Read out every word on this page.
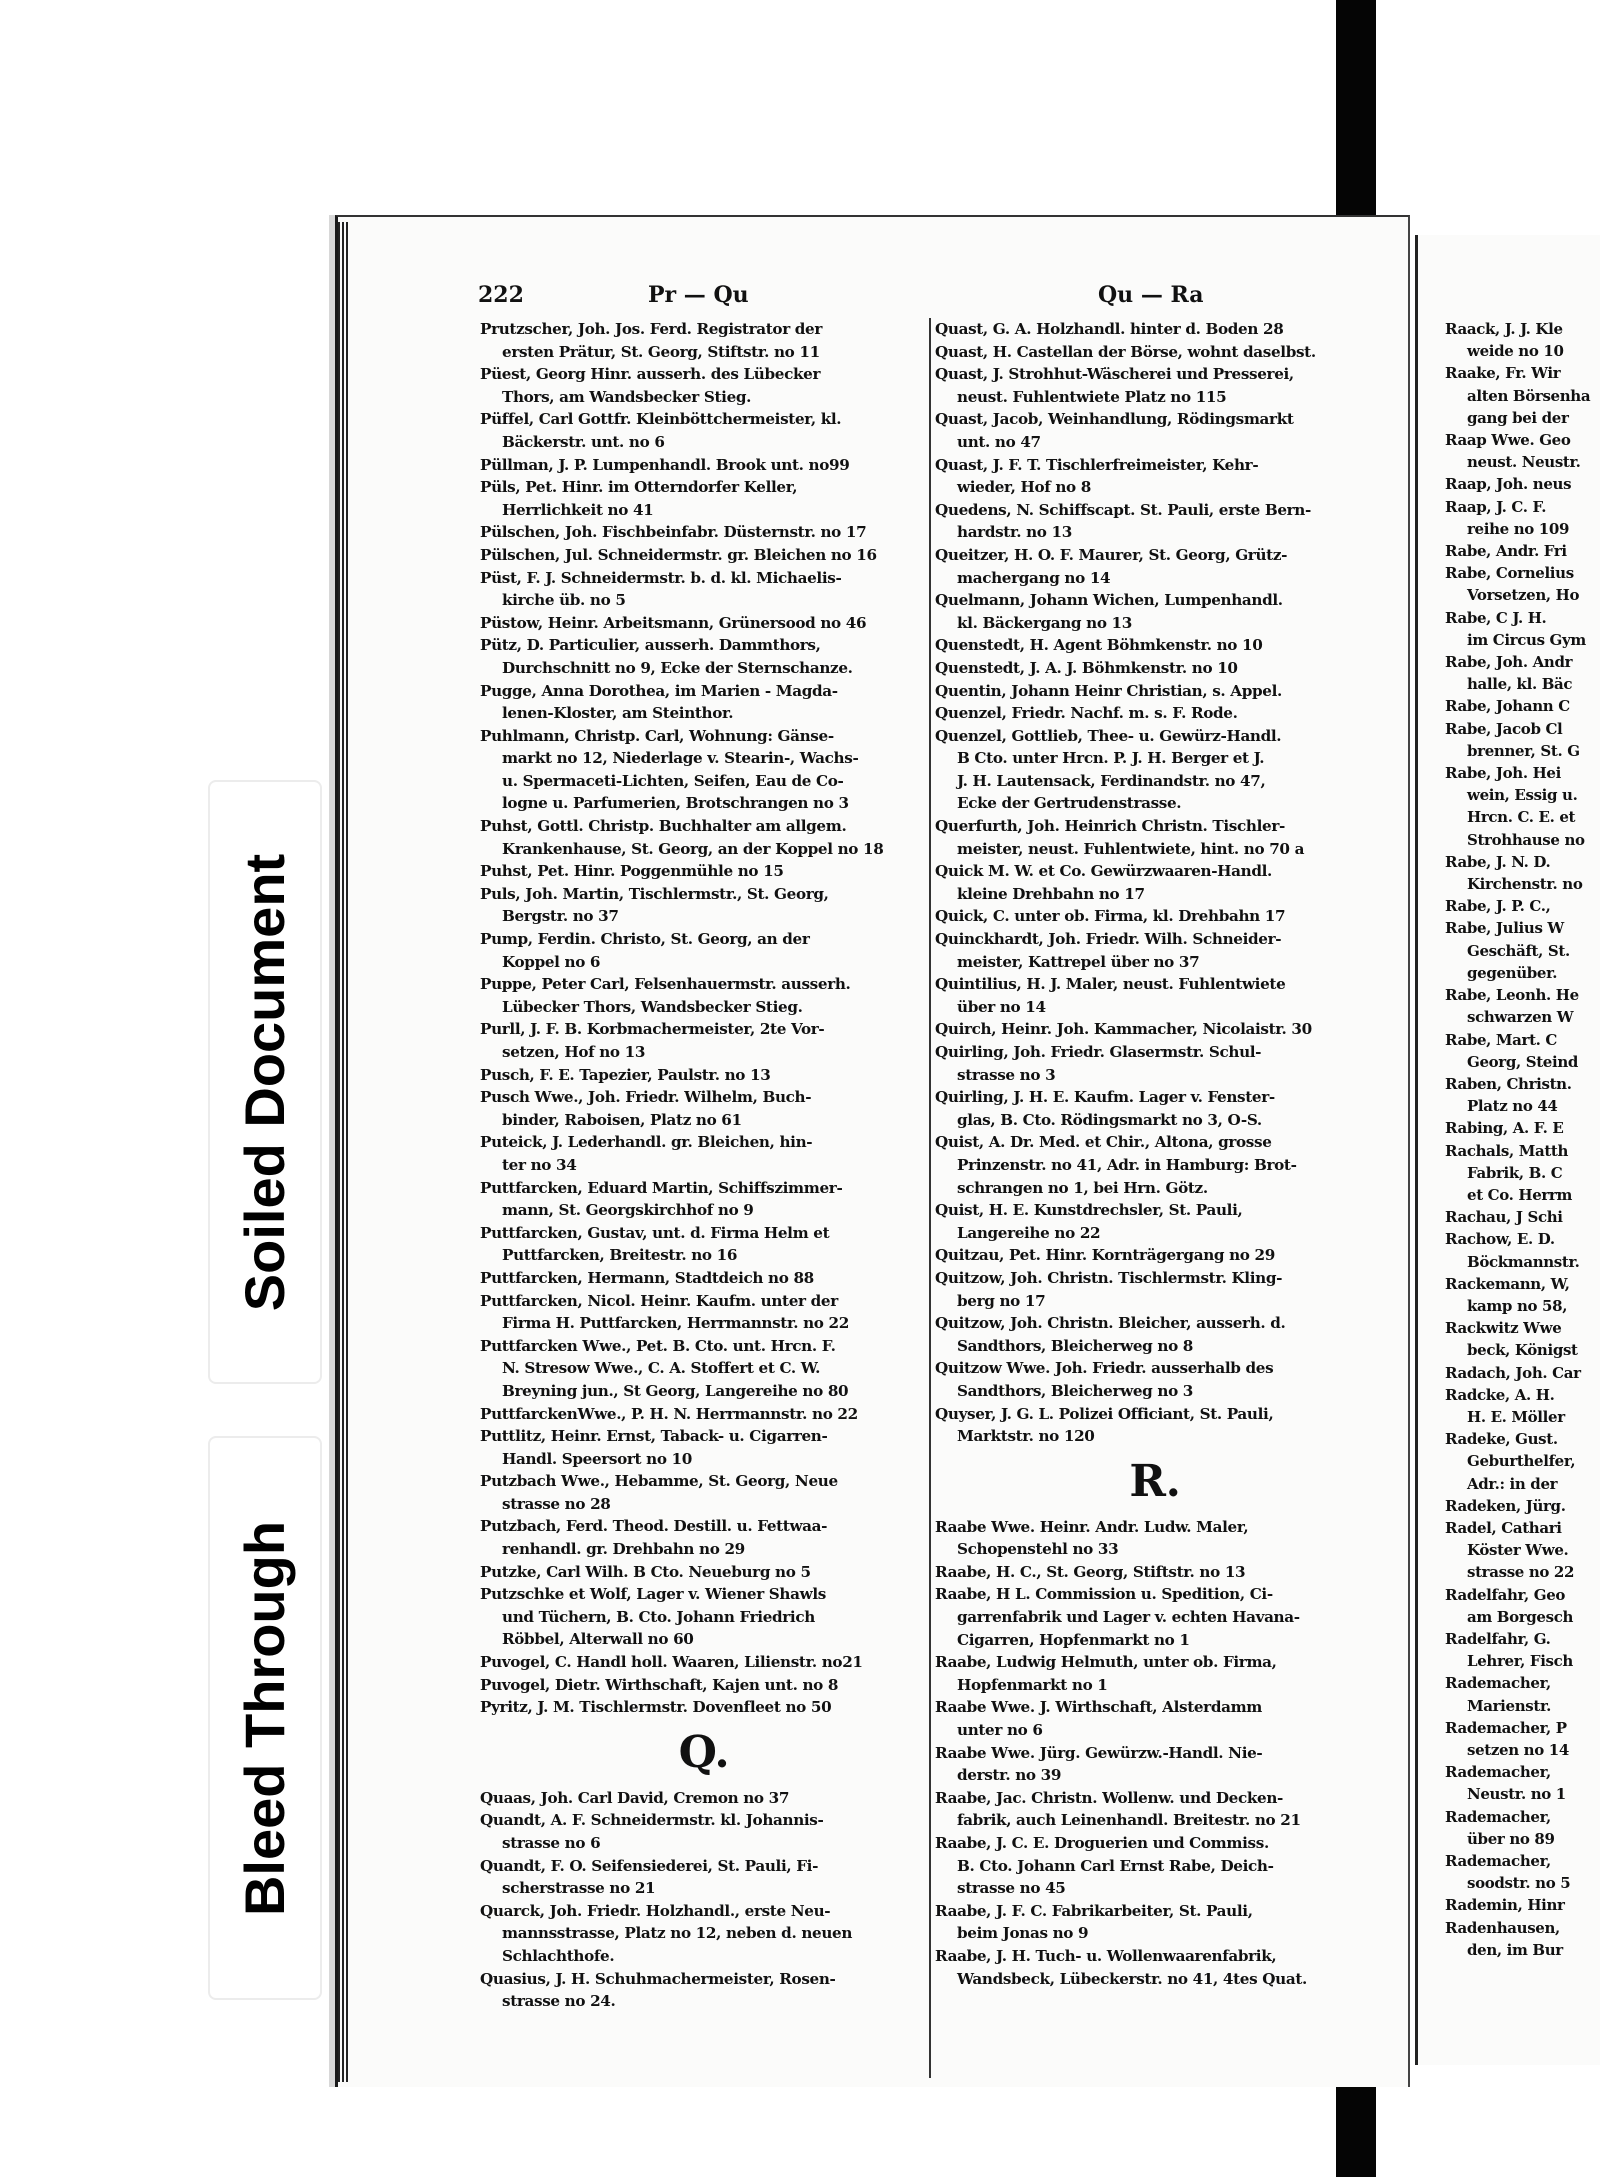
222	Pr — Qu	Qu — Ra
Prutzscher, Joh. Jos. Ferd. Registrator der
ersten Prätur, St. Georg, Stiftstr. no 11
Püest, Georg Hinr. ausserh. des Lübecker
Thors, am Wandsbecker Stieg.
Püffel, Carl Gottfr. Kleinböttchermeister, kl.
Bäckerstr. unt. no 6
Püllman, J. P. Lumpenhandl. Brook unt. no99
Püls, Pet. Hinr. im Otterndorfer Keller,
Herrlichkeit no 41
Pülschen, Joh. Fischbeinfabr. Düsternstr. no 17
Pülschen, Jul. Schneidermstr. gr. Bleichen no 16
Püst, F. J. Schneidermstr. b. d. kl. Michaelis-
kirche üb. no 5
Püstow, Heinr. Arbeitsmann, Grünersood no 46
Pütz, D. Particulier, ausserh. Dammthors,
Durchschnitt no 9, Ecke der Sternschanze.
Pugge, Anna Dorothea, im Marien - Magda-
lenen-Kloster, am Steinthor.
Puhlmann, Christp. Carl, Wohnung: Gänse-
markt no 12, Niederlage v. Stearin-, Wachs-
u. Spermaceti-Lichten, Seifen, Eau de Co-
logne u. Parfumerien, Brotschrangen no 3
Puhst, Gottl. Christp. Buchhalter am allgem.
Krankenhause, St. Georg, an der Koppel no 18
Puhst, Pet. Hinr. Poggenmühle no 15
Puls, Joh. Martin, Tischlermstr., St. Georg,
Bergstr. no 37
Pump, Ferdin. Christo, St. Georg, an der
Koppel no 6
Puppe, Peter Carl, Felsenhauermstr. ausserh.
Lübecker Thors, Wandsbecker Stieg.
Purll, J. F. B. Korbmachermeister, 2te Vor-
setzen, Hof no 13
Pusch, F. E. Tapezier, Paulstr. no 13
Pusch Wwe., Joh. Friedr. Wilhelm, Buch-
binder, Raboisen, Platz no 61
Puteick, J. Lederhandl. gr. Bleichen, hin-
ter no 34
Puttfarcken, Eduard Martin, Schiffszimmer-
mann, St. Georgskirchhof no 9
Puttfarcken, Gustav, unt. d. Firma Helm et
Puttfarcken, Breitestr. no 16
Puttfarcken, Hermann, Stadtdeich no 88
Puttfarcken, Nicol. Heinr. Kaufm. unter der
Firma H. Puttfarcken, Herrmannstr. no 22
Puttfarcken Wwe., Pet. B. Cto. unt. Hrcn. F.
N. Stresow Wwe., C. A. Stoffert et C. W.
Breyning jun., St Georg, Langereihe no 80
PuttfarckenWwe., P. H. N. Herrmannstr. no 22
Puttlitz, Heinr. Ernst, Taback- u. Cigarren-
Handl. Speersort no 10
Putzbach Wwe., Hebamme, St. Georg, Neue
strasse no 28
Putzbach, Ferd. Theod. Destill. u. Fettwaa-
renhandl. gr. Drehbahn no 29
Putzke, Carl Wilh. B Cto. Neueburg no 5
Putzschke et Wolf, Lager v. Wiener Shawls
und Tüchern, B. Cto. Johann Friedrich
Röbbel, Alterwall no 60
Puvogel, C. Handl holl. Waaren, Lilienstr. no21
Puvogel, Dietr. Wirthschaft, Kajen unt. no 8
Pyritz, J. M. Tischlermstr. Dovenfleet no 50
Q.
Quaas, Joh. Carl David, Cremon no 37
Quandt, A. F. Schneidermstr. kl. Johannis-
strasse no 6
Quandt, F. O. Seifensiederei, St. Pauli, Fi-
scherstrasse no 21
Quarck, Joh. Friedr. Holzhandl., erste Neu-
mannsstrasse, Platz no 12, neben d. neuen
Schlachthofe.
Quasius, J. H. Schuhmachermeister, Rosen-
strasse no 24.
Quast, G. A. Holzhandl. hinter d. Boden 28
Quast, H. Castellan der Börse, wohnt daselbst.
Quast, J. Strohhut-Wäscherei und Presserei,
neust. Fuhlentwiete Platz no 115
Quast, Jacob, Weinhandlung, Rödingsmarkt
unt. no 47
Quast, J. F. T. Tischlerfreimeister, Kehr-
wieder, Hof no 8
Quedens, N. Schiffscapt. St. Pauli, erste Bern-
hardstr. no 13
Queitzer, H. O. F. Maurer, St. Georg, Grütz-
machergang no 14
Quelmann, Johann Wichen, Lumpenhandl.
kl. Bäckergang no 13
Quenstedt, H. Agent Böhmkenstr. no 10
Quenstedt, J. A. J. Böhmkenstr. no 10
Quentin, Johann Heinr Christian, s. Appel.
Quenzel, Friedr. Nachf. m. s. F. Rode.
Quenzel, Gottlieb, Thee- u. Gewürz-Handl.
B Cto. unter Hrcn. P. J. H. Berger et J.
J. H. Lautensack, Ferdinandstr. no 47,
Ecke der Gertrudenstrasse.
Querfurth, Joh. Heinrich Christn. Tischler-
meister, neust. Fuhlentwiete, hint. no 70 a
Quick M. W. et Co. Gewürzwaaren-Handl.
kleine Drehbahn no 17
Quick, C. unter ob. Firma, kl. Drehbahn 17
Quinckhardt, Joh. Friedr. Wilh. Schneider-
meister, Kattrepel über no 37
Quintilius, H. J. Maler, neust. Fuhlentwiete
über no 14
Quirch, Heinr. Joh. Kammacher, Nicolaistr. 30
Quirling, Joh. Friedr. Glasermstr. Schul-
strasse no 3
Quirling, J. H. E. Kaufm. Lager v. Fenster-
glas, B. Cto. Rödingsmarkt no 3, O-S.
Quist, A. Dr. Med. et Chir., Altona, grosse
Prinzenstr. no 41, Adr. in Hamburg: Brot-
schrangen no 1, bei Hrn. Götz.
Quist, H. E. Kunstdrechsler, St. Pauli,
Langereihe no 22
Quitzau, Pet. Hinr. Kornträgergang no 29
Quitzow, Joh. Christn. Tischlermstr. Kling-
berg no 17
Quitzow, Joh. Christn. Bleicher, ausserh. d.
Sandthors, Bleicherweg no 8
Quitzow Wwe. Joh. Friedr. ausserhalb des
Sandthors, Bleicherweg no 3
Quyser, J. G. L. Polizei Officiant, St. Pauli,
Marktstr. no 120
R.
Raabe Wwe. Heinr. Andr. Ludw. Maler,
Schopenstehl no 33
Raabe, H. C., St. Georg, Stiftstr. no 13
Raabe, H L. Commission u. Spedition, Ci-
garrenfabrik und Lager v. echten Havana-
Cigarren, Hopfenmarkt no 1
Raabe, Ludwig Helmuth, unter ob. Firma,
Hopfenmarkt no 1
Raabe Wwe. J. Wirthschaft, Alsterdamm
unter no 6
Raabe Wwe. Jürg. Gewürzw.-Handl. Nie-
derstr. no 39
Raabe, Jac. Christn. Wollenw. und Decken-
fabrik, auch Leinenhandl. Breitestr. no 21
Raabe, J. C. E. Droguerien und Commiss.
B. Cto. Johann Carl Ernst Rabe, Deich-
strasse no 45
Raabe, J. F. C. Fabrikarbeiter, St. Pauli,
beim Jonas no 9
Raabe, J. H. Tuch- u. Wollenwaarenfabrik,
Wandsbeck, Lübeckerstr. no 41, 4tes Quat.
Raack, J. J. Kle
weide no 10
Raake, Fr. Wir
alten Börsenha
gang bei der
Raap Wwe. Geo
neust. Neustr.
Raap, Joh. neus
Raap, J. C. F.
reihe no 109
Rabe, Andr. Fri
Rabe, Cornelius
Vorsetzen, Ho
Rabe, C J. H.
im Circus Gym
Rabe, Joh. Andr
halle, kl. Bäc
Rabe, Johann C
Rabe, Jacob Cl
brenner, St. G
Rabe, Joh. Hei
wein, Essig u.
Hrcn. C. E. et
Strohhause no
Rabe, J. N. D.
Kirchenstr. no
Rabe, J. P. C.,
Rabe, Julius W
Geschäft, St.
gegenüber.
Rabe, Leonh. He
schwarzen W
Rabe, Mart. C
Georg, Steind
Raben, Christn.
Platz no 44
Rabing, A. F. E
Rachals, Matth
Fabrik, B. C
et Co. Herrm
Rachau, J Schi
Rachow, E. D.
Böckmannstr.
Rackemann, W,
kamp no 58,
Rackwitz Wwe
beck, Königst
Radach, Joh. Car
Radcke, A. H.
H. E. Möller
Radeke, Gust.
Geburthelfer,
Adr.: in der
Radeken, Jürg.
Radel, Cathari
Köster Wwe.
strasse no 22
Radelfahr, Geo
am Borgesch
Radelfahr, G.
Lehrer, Fisch
Rademacher,
Marienstr.
Rademacher, P
setzen no 14
Rademacher,
Neustr. no 1
Rademacher,
über no 89
Rademacher,
soodstr. no 5
Rademin, Hinr
Radenhausen,
den, im Bur
Soiled Document
Bleed Through
